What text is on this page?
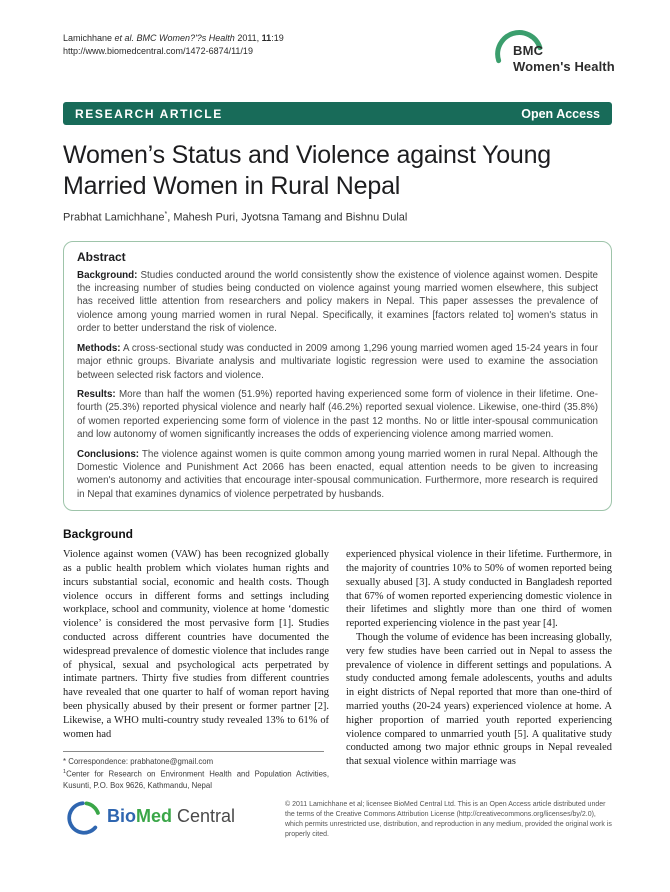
Lamichhane et al. BMC Women?'?s Health 2011, 11:19
http://www.biomedcentral.com/1472-6874/11/19	BMC
Women's Health
RESEARCH ARTICLE	Open Access
Women’s Status and Violence against Young
Married Women in Rural Nepal
Prabhat Lamichhane*, Mahesh Puri, Jyotsna Tamang and Bishnu Dulal
Abstract

Background: Studies conducted around the world consistently show the existence of violence against women. Despite the increasing number of studies being conducted on violence against young married women elsewhere, this subject has received little attention from researchers and policy makers in Nepal. This paper assesses the prevalence of violence among young married women in rural Nepal. Specifically, it examines [factors related to] women's status in order to better understand the risk of violence.

Methods: A cross-sectional study was conducted in 2009 among 1,296 young married women aged 15-24 years in four major ethnic groups. Bivariate analysis and multivariate logistic regression were used to examine the association between selected risk factors and violence.

Results: More than half the women (51.9%) reported having experienced some form of violence in their lifetime. One-fourth (25.3%) reported physical violence and nearly half (46.2%) reported sexual violence. Likewise, one-third (35.8%) of women reported experiencing some form of violence in the past 12 months. No or little inter-spousal communication and low autonomy of women significantly increases the odds of experiencing violence among married women.

Conclusions: The violence against women is quite common among young married women in rural Nepal. Although the Domestic Violence and Punishment Act 2066 has been enacted, equal attention needs to be given to increasing women's autonomy and activities that encourage inter-spousal communication. Furthermore, more research is required in Nepal that examines dynamics of violence perpetrated by husbands.

Background

Violence against women (VAW) has been recognized globally as a public health problem which violates human rights and incurs substantial social, economic and health costs. Though violence occurs in different forms and settings including workplace, school and community, violence at home ‘domestic violence’ is considered the most pervasive form [1]. Studies conducted across different countries have documented the widespread prevalence of domestic violence that includes range of physical, sexual and psychological acts perpetrated by intimate partners. Thirty five studies from different countries have revealed that one quarter to half of woman report having been physically abused by their present or former partner [2]. Likewise, a WHO multi-country study revealed 13% to 61% of women had

* Correspondence: prabhatone@gmail.com
$^1$Center for Research on Environment Health and Population Activities, Kusunti, P.O. Box 9626, Kathmandu, Nepal

experienced physical violence in their lifetime. Furthermore, in the majority of countries 10% to 50% of women reported being sexually abused [3]. A study conducted in Bangladesh reported that 67% of women reported experiencing domestic violence in their lifetimes and slightly more than one third of women reported experiencing violence in the past year [4].

Though the volume of evidence has been increasing globally, very few studies have been carried out in Nepal to assess the prevalence of violence in different settings and populations. A study conducted among female adolescents, youths and adults in eight districts of Nepal reported that more than one-third of married youths (20-24 years) experienced violence at home. A higher proportion of married youth reported experiencing violence compared to unmarried youth [5]. A qualitative study conducted among two major ethnic groups in Nepal revealed that sexual violence within marriage was

BioMed Central
© 2011 Lamichhane et al; licensee BioMed Central Ltd. This is an Open Access article distributed under the terms of the Creative Commons Attribution License (http://creativecommons.org/licenses/by/2.0), which permits unrestricted use, distribution, and reproduction in any medium, provided the original work is properly cited.
